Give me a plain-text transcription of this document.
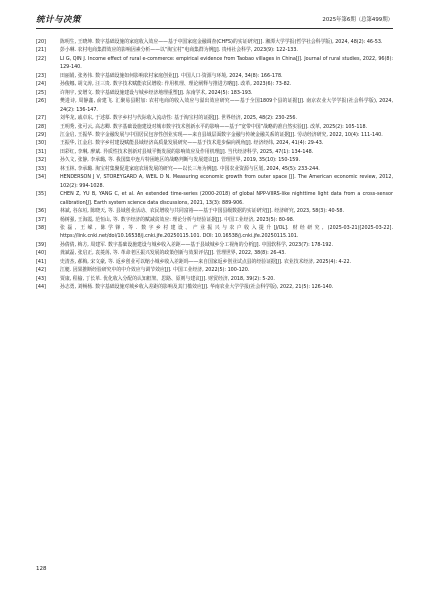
统计与决策	2025年第6期（总第499期）
[20]	陈明生, 王晓坤. 数字基础设施的家庭收入效应——基于中国家庭金融调查(CHFS)的实证研究[J]. 湘潭大学学报(哲学社会科学版), 2024, 48(2): 46-53.
[21]	彭小琳. 农村电商集群效应的影响因素分析——以“淘宝村”电商集群为例[J]. 贵州社会科学, 2023(9): 122-133.
[22]	LI G, QIN J. Income effect of rural e-commerce: empirical evidence from Taobao villages in China[J]. Journal of rural studies, 2022, 96(8): 129-140.
[23]	田丽娟, 张务伟. 数字基础设施如何影响农村家庭创业[J]. 中国人口·资源与环境, 2024, 34(8): 166-178.
[24]	孙俊娜, 胡文涛, 汪三贵. 数字技术赋能农民增收: 作用机理、理论阐释与推进方略[J]. 改革, 2023(6): 73-82.
[25]	许翔宇, 安增文. 数字基础设施建设与城乡经济地理重塑[J]. 东南学术, 2024(5): 183-193.
[26]	樊进诗, 周静鑫, 俞建飞. 汇聚易县附加: 农村电商的收入效应与溢出效应研究——基于全国1809个县的证据[J]. 南京农业大学学报(社会科学版), 2024, 24(2): 136-147.
[27]	刘华龙, 戚卓东, 于述慕. 数字乡村与代际收入流动性: 基于淘宝村的证据[J]. 世界经济, 2025, 48(2): 230-256.
[28]	王明秀, 张可云, 高志卿. 数字基础设施建设对城市数字技术创新水平的影响——基于“宽带中国”战略的准自然实验[J]. 改革, 2025(2): 105-118.
[29]	江金启, 王振华. 数字金融发展与中国居民包容性创业实现——来自县域层面数字金融与传统金融关系的证据[J]. 劳动经济研究, 2022, 10(4): 111-140.
[30]	王振华, 江金启. 数字乡村建设赋能县域经济高质量发展研究——基于技术进步偏向视角[J]. 经济经纬, 2024, 41(4): 29-43.
[31]	田彩红, 李琳, 廖斌. 异质性技术创新对县城平衡发展的影响效应及作用机理[J]. 当代经济科学, 2025, 47(1): 134-148.
[32]	孙久文, 张静, 李承璐, 等. 我国集中连片特困地区的战略判断与发展建议[J]. 管理世界, 2019, 35(10): 150-159.
[33]	林玉林, 李承璐. 淘宝村集聚促进家庭农场发展的研究——以长三角为例[J]. 中国农业资源与区划, 2024, 45(5): 233-244.
[34]	HENDERSON J V, STOREYGARD A, WEIL D N. Measuring economic growth from outer space [J]. The American economic review, 2012, 102(2): 994-1028.
[35]	CHEN Z, YU B, YANG C, et al. An extended time-series (2000-2018) of global NPP-VIIRS-like nighttime light data from a cross-sensor calibration[J]. Earth system science data discussions, 2021, 13(3): 889-906.
[36]	林斌, 谷东垣, 陈晓天, 等. 县域创业活动、农民增收与共同富裕——基于中国县级数据的实证研究[J]. 经济研究, 2023, 58(3): 40-58.
[37]	杨树强, 王海霞, 范恒山, 等. 数字经济的赋减贫效应: 理论分析与经验证据[J]. 中国工业经济, 2023(5): 80-98.
[38]	张磊, 王嵘, 陈学锋, 等. 数字乡村建设、产业振兴与农户收入提升[J/OL]. 财经研究, (2025-03-21)[2025-03-22]. https://link.cnki.net/doi/10.16538/j.cnki.jfe.20250115.101. DOI: 10.16538/j.cnki.jfe.20250115.101.
[39]	孙倩倩, 梅方, 周建军. 数字基础设施建设与城乡收入差距——基于县域城乡分工视角的分析[J]. 中国软科学, 2023(7): 178-192.
[40]	龚斌磊, 张启正, 袁菱苒, 等. 革命老区振兴发展的政策创新与效果评估[J]. 管理世界, 2022, 38(8): 26-43.
[41]	史清杰, 郝梅, 宋文豪, 等. 返乡创业可以缩小城乡收入差距吗——来自国家返乡创业试点县的经验证据[J]. 农业技术经济, 2025(4): 4-22.
[42]	江艇. 因果推断经验研究中的中介效应与调节效应[J]. 中国工业经济, 2022(5): 100-120.
[43]	贾康, 程榆, 丁长革. 优化收入分配的认知框架、思路、原则与建议[J]. 财贸经济, 2018, 39(2): 5-20.
[44]	孙志勇, 刘畅杨. 数字基础设施对城乡收入差距的影响及其门槛效应[J]. 华南农业大学学报(社会科学版), 2022, 21(5): 126-140.
128
